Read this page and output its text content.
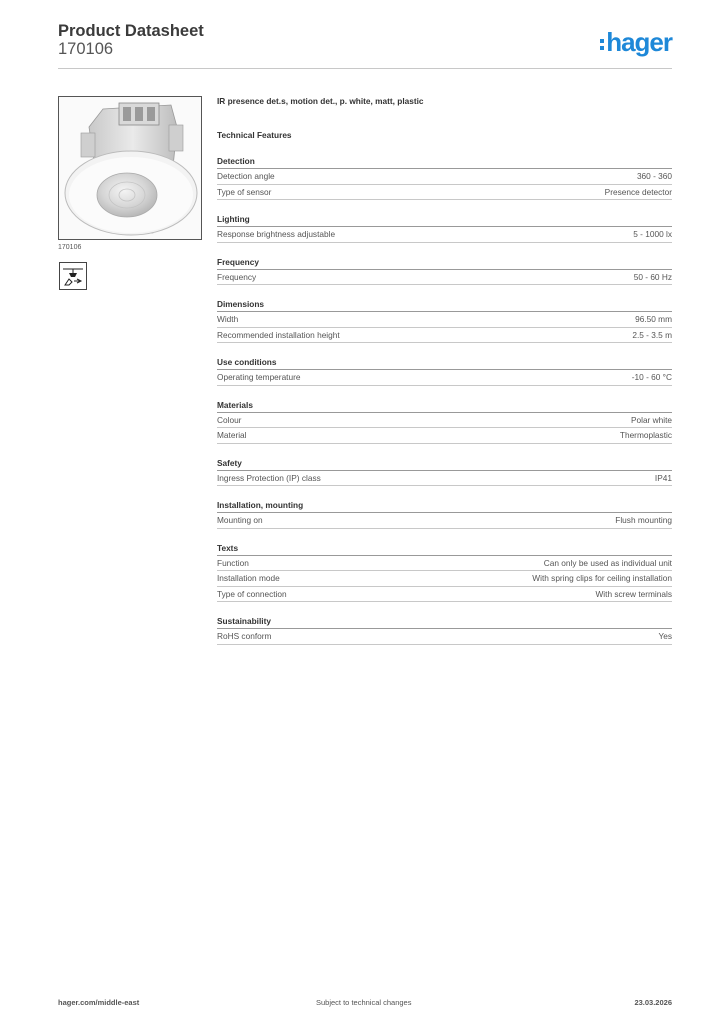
Product Datasheet
170106	hager
170106
IR presence det.s, motion det., p. white, matt, plastic
Technical Features
Detection
Detection angle	360 - 360
Type of sensor	Presence detector
Lighting
Response brightness adjustable	5 - 1000 lx
Frequency
Frequency	50 - 60 Hz
Dimensions
Width	96.50 mm
Recommended installation height	2.5 - 3.5 m
Use conditions
Operating temperature	-10 - 60 °C
Materials
Colour	Polar white
Material	Thermoplastic
Safety
Ingress Protection (IP) class	IP41
Installation, mounting
Mounting on	Flush mounting
Texts
Function	Can only be used as individual unit
Installation mode	With spring clips for ceiling installation
Type of connection	With screw terminals
Sustainability
RoHS conform	Yes
hager.com/middle-east	Subject to technical changes	23.03.2026
